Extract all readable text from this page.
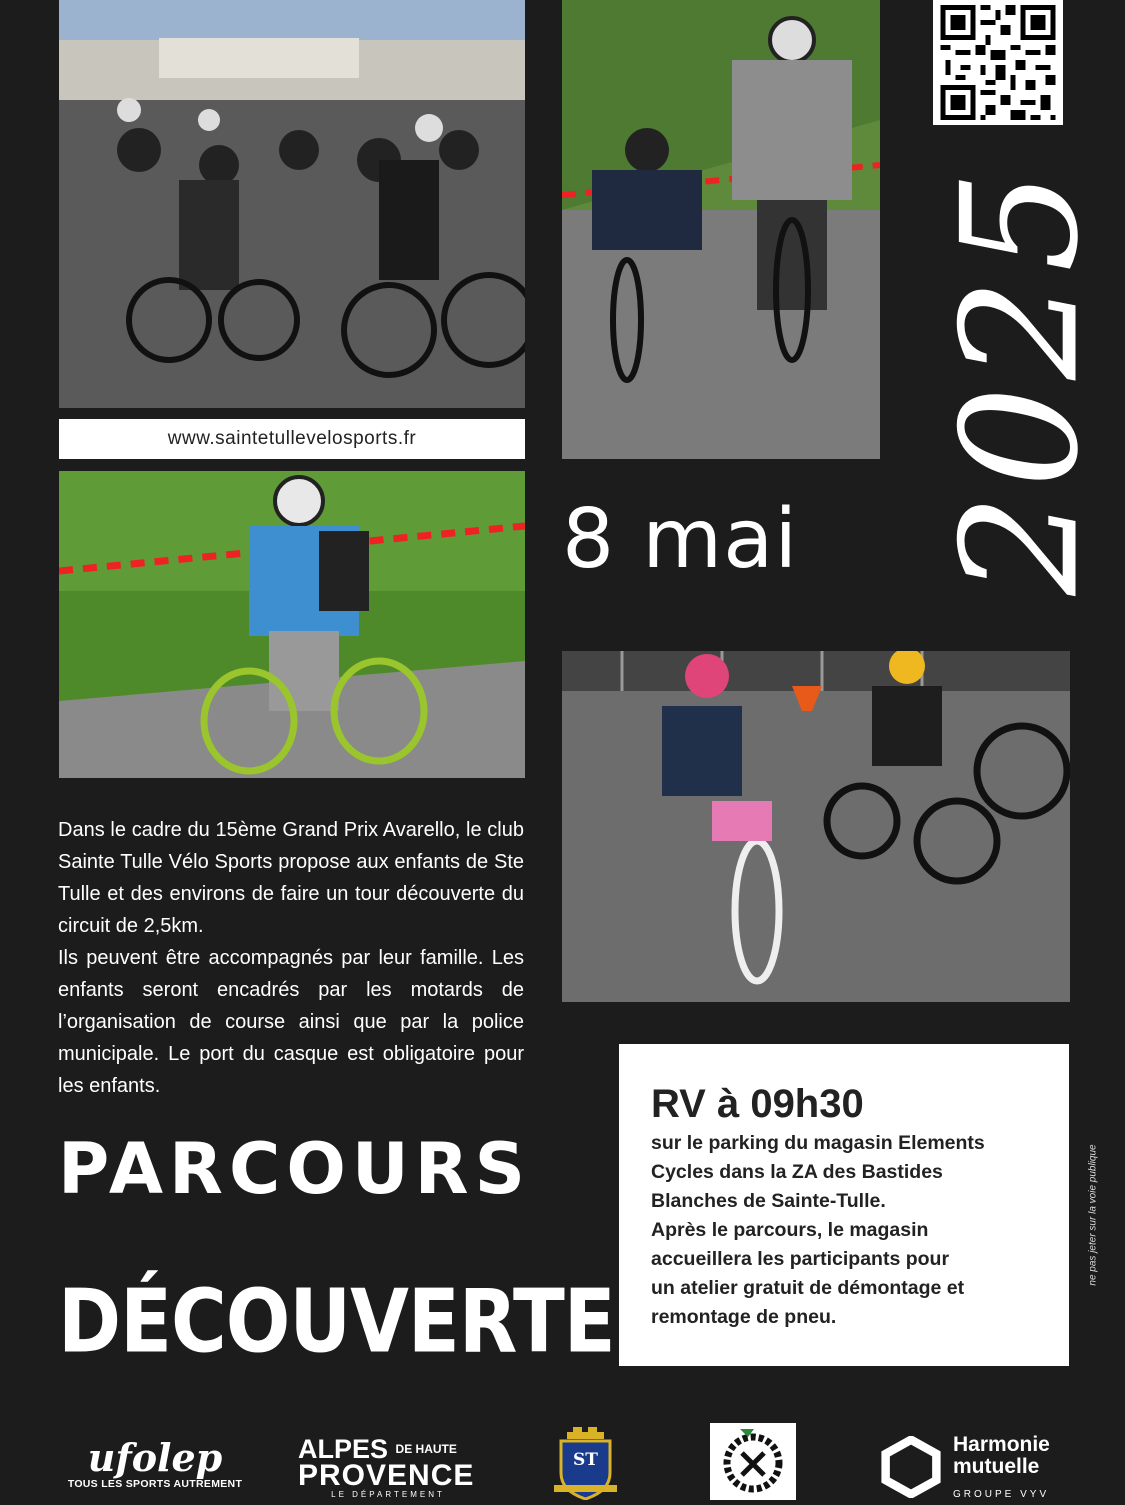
www.saintetullevelosports.fr	2025
8 mai

Dans le cadre du 15ème Grand Prix Avarello, le club Sainte Tulle Vélo Sports propose aux enfants de Ste Tulle et des environs de faire un tour découverte du circuit de 2,5km.

Ils peuvent être accompagnés par leur famille. Les enfants seront encadrés par les motards de l’organisation de course ainsi que par la police municipale. Le port du casque est obligatoire pour les enfants.	RV à 09h30
sur le parking du magasin Elements
Cycles dans la ZA des Bastides
Blanches de Sainte-Tulle.
Après le parcours, le magasin
accueillera les participants pour
un atelier gratuit de démontage et
remontage de pneu.
ne pas jeter sur la voie publique
PARCOURS
DÉCOUVERTE
ufolep
TOUS LES SPORTS AUTREMENT
ALPES $^{DE HAUTE}$
PROVENCE
LE DÉPARTEMENT
ST
Harmonie
mutuelle
GROUPE VYV
